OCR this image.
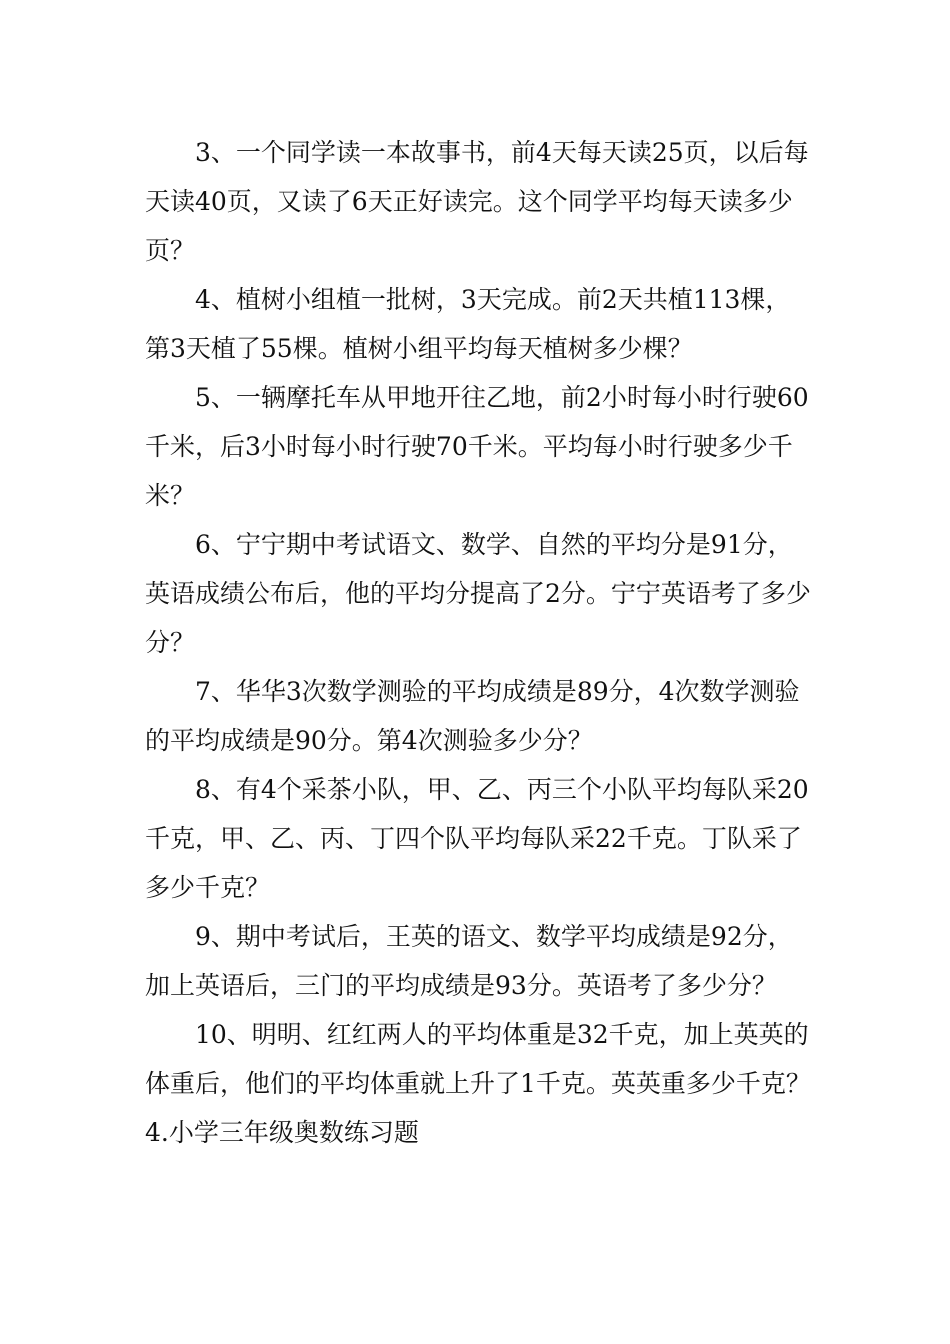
3、一个同学读一本故事书，前4天每天读25页，以后每天读40页，又读了6天正好读完。这个同学平均每天读多少页？

4、植树小组植一批树，3天完成。前2天共植113棵，第3天植了55棵。植树小组平均每天植树多少棵？

5、一辆摩托车从甲地开往乙地，前2小时每小时行驶60千米，后3小时每小时行驶70千米。平均每小时行驶多少千米？

6、宁宁期中考试语文、数学、自然的平均分是91分，英语成绩公布后，他的平均分提高了2分。宁宁英语考了多少分？

7、华华3次数学测验的平均成绩是89分，4次数学测验的平均成绩是90分。第4次测验多少分？

8、有4个采茶小队，甲、乙、丙三个小队平均每队采20千克，甲、乙、丙、丁四个队平均每队采22千克。丁队采了多少千克？

9、期中考试后，王英的语文、数学平均成绩是92分，加上英语后，三门的平均成绩是93分。英语考了多少分？

10、明明、红红两人的平均体重是32千克，加上英英的体重后，他们的平均体重就上升了1千克。英英重多少千克？

4.小学三年级奥数练习题
